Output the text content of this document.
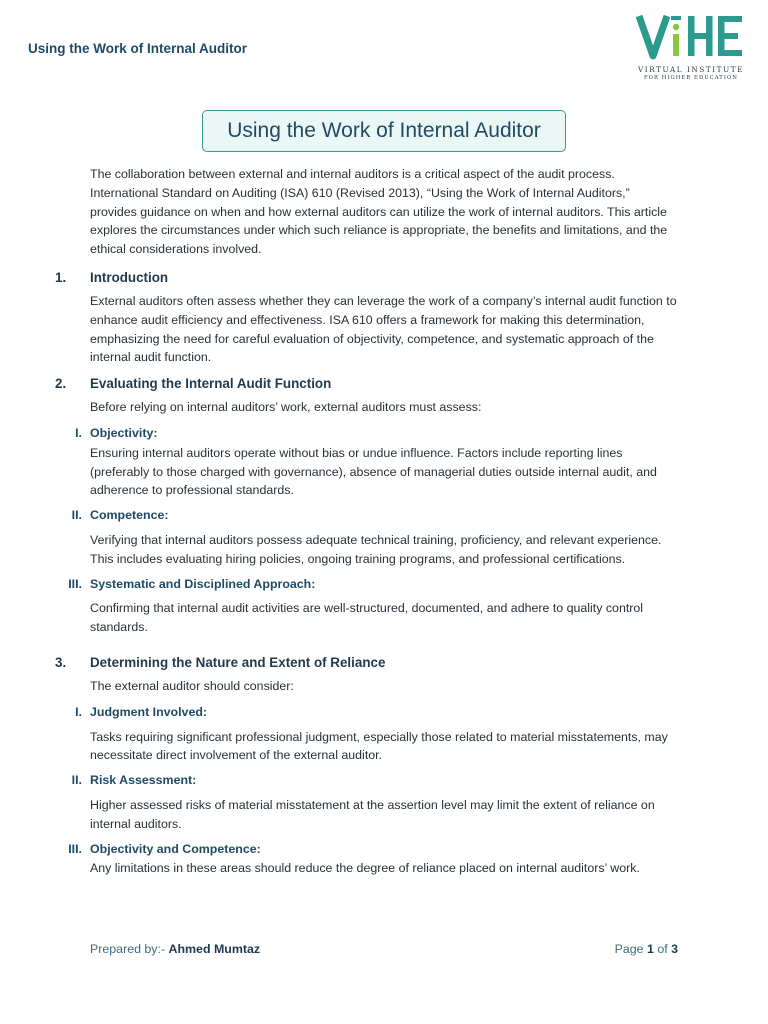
Using the Work of Internal Auditor
VIRTUAL INSTITUTE
FOR HIGHER EDUCATION
Using the Work of Internal Auditor

The collaboration between external and internal auditors is a critical aspect of the audit process. International Standard on Auditing (ISA) 610 (Revised 2013), “Using the Work of Internal Auditors,” provides guidance on when and how external auditors can utilize the work of internal auditors. This article explores the circumstances under which such reliance is appropriate, the benefits and limitations, and the ethical considerations involved.

1. Introduction

External auditors often assess whether they can leverage the work of a company’s internal audit function to enhance audit efficiency and effectiveness. ISA 610 offers a framework for making this determination, emphasizing the need for careful evaluation of objectivity, competence, and systematic approach of the internal audit function.

2. Evaluating the Internal Audit Function

Before relying on internal auditors’ work, external auditors must assess:

I. Objectivity:

Ensuring internal auditors operate without bias or undue influence. Factors include reporting lines (preferably to those charged with governance), absence of managerial duties outside internal audit, and adherence to professional standards.

II. Competence:

Verifying that internal auditors possess adequate technical training, proficiency, and relevant experience. This includes evaluating hiring policies, ongoing training programs, and professional certifications.

III. Systematic and Disciplined Approach:

Confirming that internal audit activities are well-structured, documented, and adhere to quality control standards.

3. Determining the Nature and Extent of Reliance

The external auditor should consider:

I. Judgment Involved:

Tasks requiring significant professional judgment, especially those related to material misstatements, may necessitate direct involvement of the external auditor.

II. Risk Assessment:

Higher assessed risks of material misstatement at the assertion level may limit the extent of reliance on internal auditors.

III. Objectivity and Competence:

Any limitations in these areas should reduce the degree of reliance placed on internal auditors’ work.

Prepared by:- Ahmed Mumtaz	Page 1 of 3
